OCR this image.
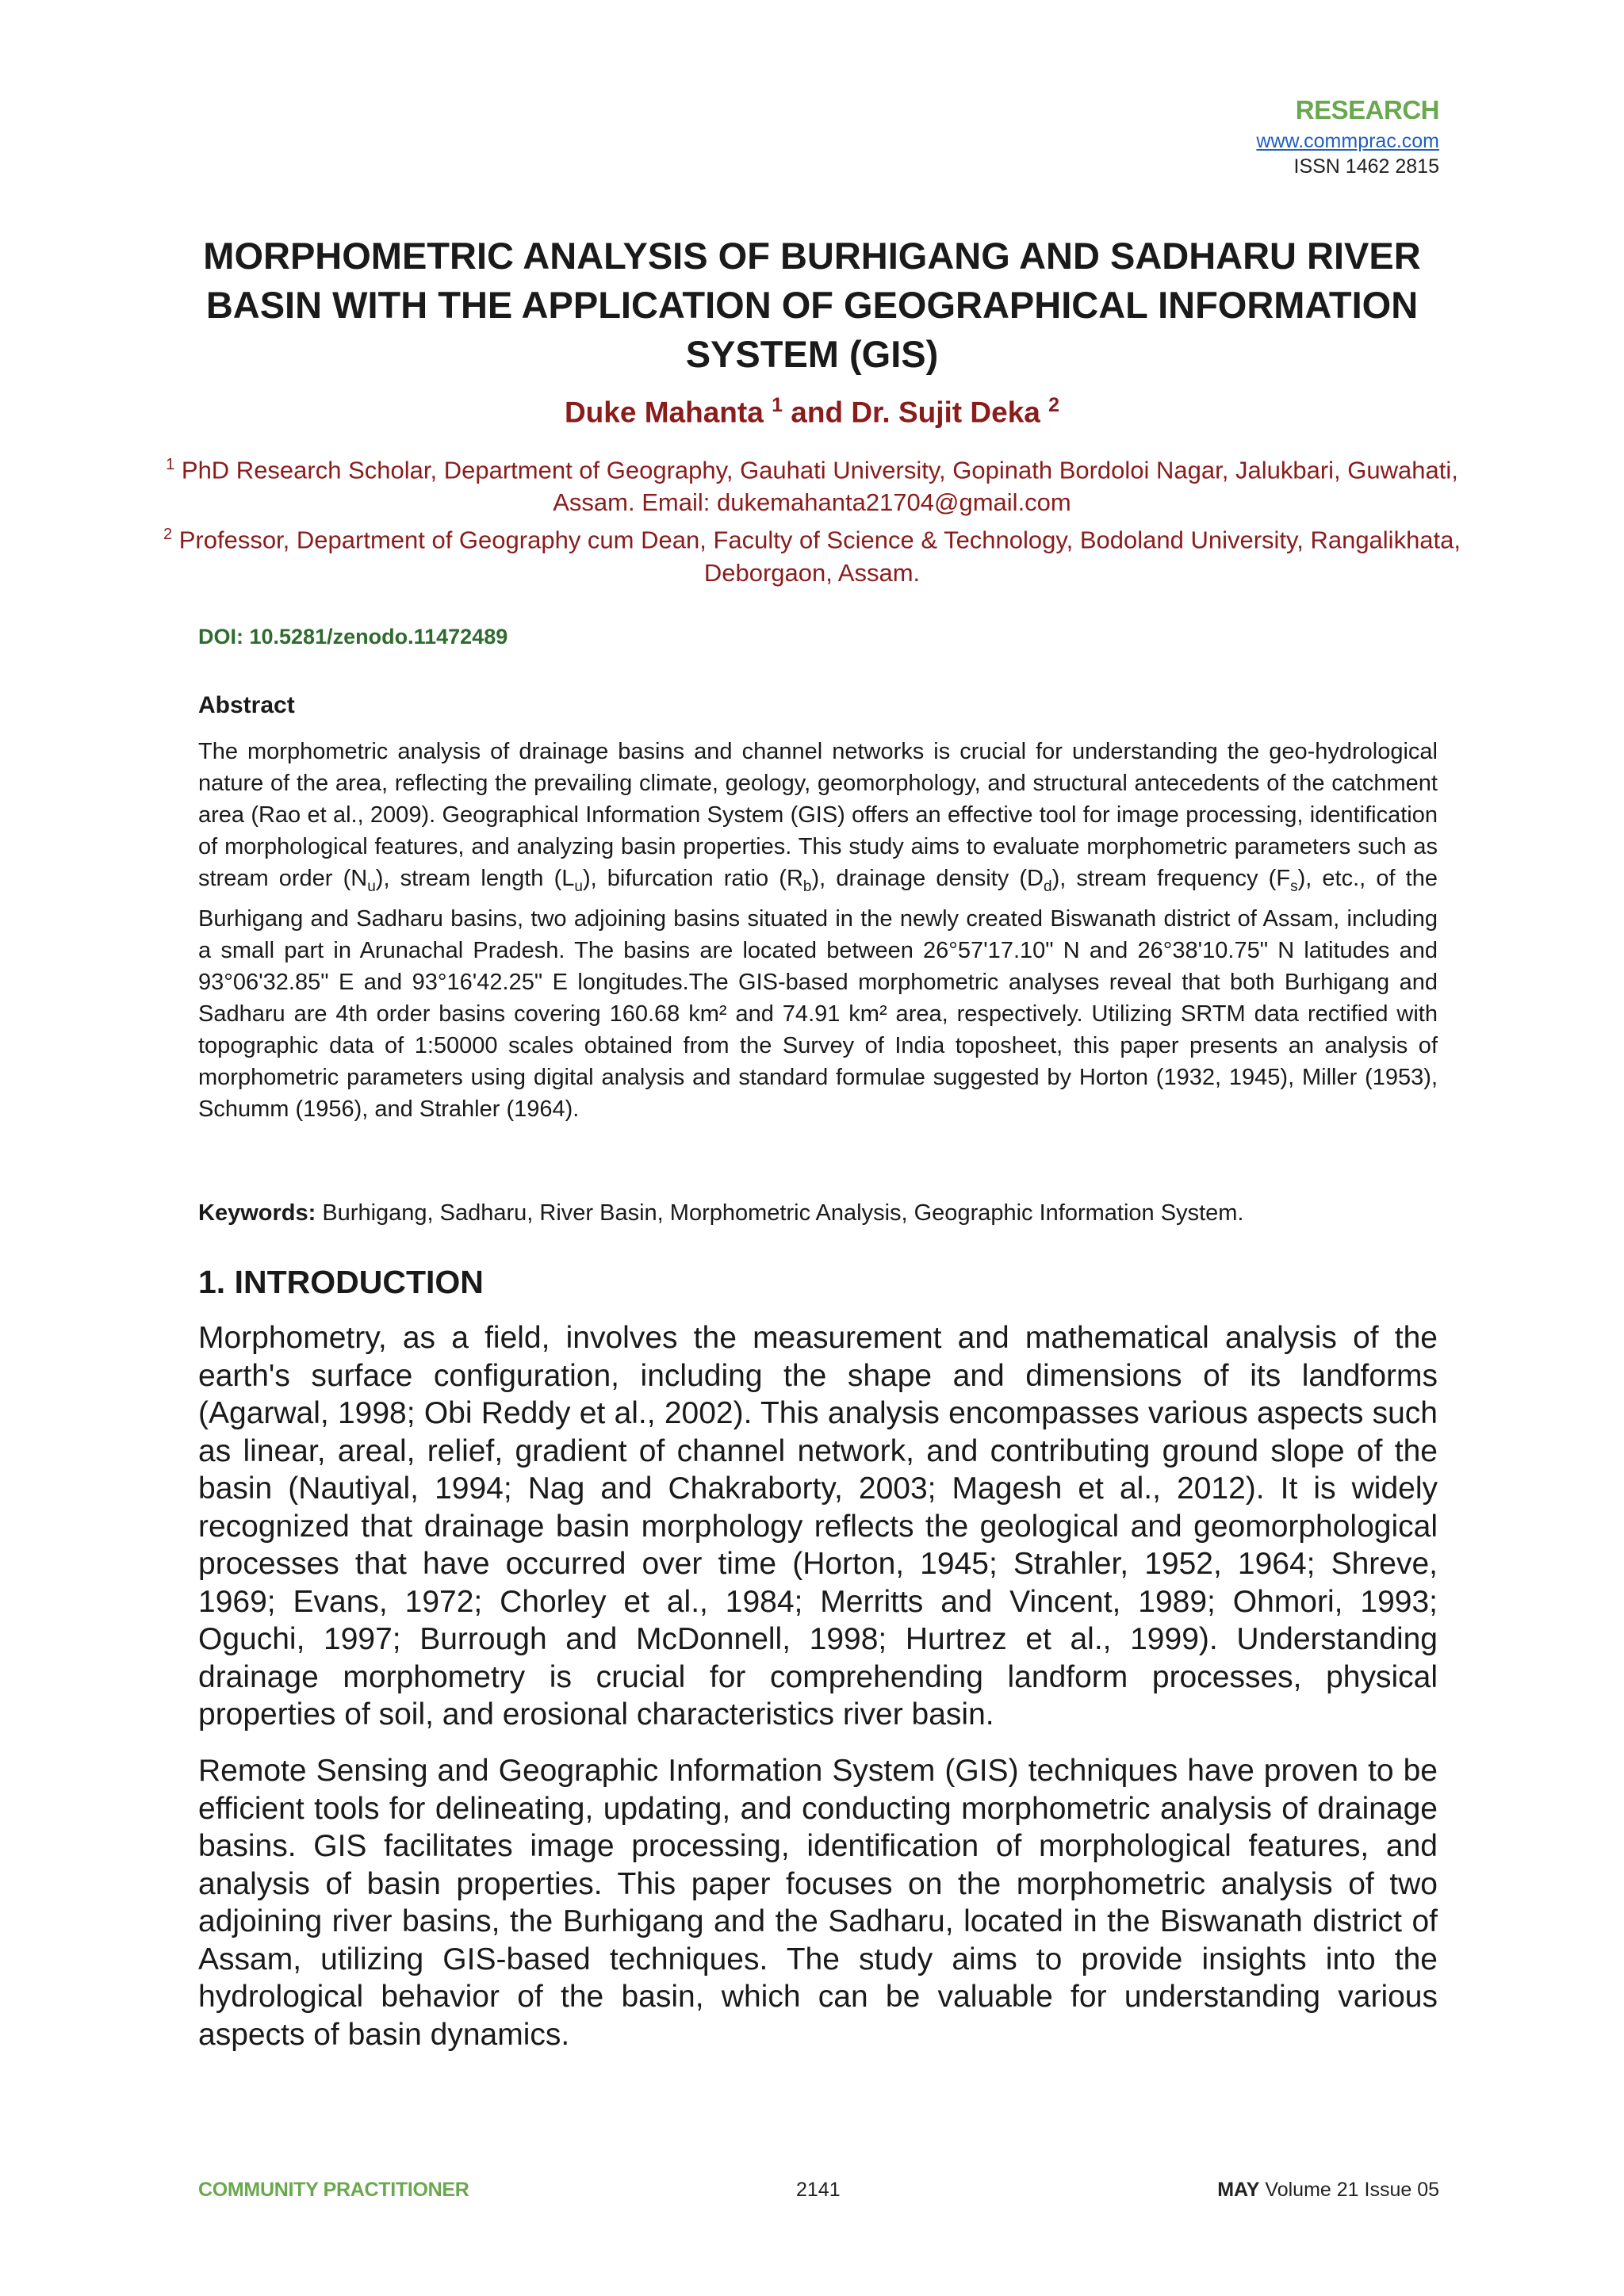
RESEARCH
www.commprac.com
ISSN 1462 2815
MORPHOMETRIC ANALYSIS OF BURHIGANG AND SADHARU RIVER BASIN WITH THE APPLICATION OF GEOGRAPHICAL INFORMATION SYSTEM (GIS)
Duke Mahanta $^1$ and Dr. Sujit Deka $^2$

$^1$ PhD Research Scholar, Department of Geography, Gauhati University, Gopinath Bordoloi Nagar, Jalukbari, Guwahati, Assam. Email: dukemahanta21704@gmail.com

$^2$ Professor, Department of Geography cum Dean, Faculty of Science & Technology, Bodoland University, Rangalikhata, Deborgaon, Assam.

DOI: 10.5281/zenodo.11472489
Abstract

The morphometric analysis of drainage basins and channel networks is crucial for understanding the geo-hydrological nature of the area, reflecting the prevailing climate, geology, geomorphology, and structural antecedents of the catchment area (Rao et al., 2009). Geographical Information System (GIS) offers an effective tool for image processing, identification of morphological features, and analyzing basin properties. This study aims to evaluate morphometric parameters such as stream order $(N_u)$, stream length $(L_u)$, bifurcation ratio $(R_b)$, drainage density $(D_d)$, stream frequency $(F_s)$, etc., of the Burhigang and Sadharu basins, two adjoining basins situated in the newly created Biswanath district of Assam, including a small part in Arunachal Pradesh. The basins are located between 26°57'17.10" N and 26°38'10.75" N latitudes and 93°06'32.85" E and 93°16'42.25" E longitudes.The GIS-based morphometric analyses reveal that both Burhigang and Sadharu are 4th order basins covering 160.68 km² and 74.91 km² area, respectively. Utilizing SRTM data rectified with topographic data of 1:50000 scales obtained from the Survey of India toposheet, this paper presents an analysis of morphometric parameters using digital analysis and standard formulae suggested by Horton (1932, 1945), Miller (1953), Schumm (1956), and Strahler (1964).

Keywords: Burhigang, Sadharu, River Basin, Morphometric Analysis, Geographic Information System.

1. INTRODUCTION

Morphometry, as a field, involves the measurement and mathematical analysis of the earth's surface configuration, including the shape and dimensions of its landforms (Agarwal, 1998; Obi Reddy et al., 2002). This analysis encompasses various aspects such as linear, areal, relief, gradient of channel network, and contributing ground slope of the basin (Nautiyal, 1994; Nag and Chakraborty, 2003; Magesh et al., 2012). It is widely recognized that drainage basin morphology reflects the geological and geomorphological processes that have occurred over time (Horton, 1945; Strahler, 1952, 1964; Shreve, 1969; Evans, 1972; Chorley et al., 1984; Merritts and Vincent, 1989; Ohmori, 1993; Oguchi, 1997; Burrough and McDonnell, 1998; Hurtrez et al., 1999). Understanding drainage morphometry is crucial for comprehending landform processes, physical properties of soil, and erosional characteristics river basin.

Remote Sensing and Geographic Information System (GIS) techniques have proven to be efficient tools for delineating, updating, and conducting morphometric analysis of drainage basins. GIS facilitates image processing, identification of morphological features, and analysis of basin properties. This paper focuses on the morphometric analysis of two adjoining river basins, the Burhigang and the Sadharu, located in the Biswanath district of Assam, utilizing GIS-based techniques. The study aims to provide insights into the hydrological behavior of the basin, which can be valuable for understanding various aspects of basin dynamics.

COMMUNITY PRACTITIONER	2141	MAY Volume 21 Issue 05
